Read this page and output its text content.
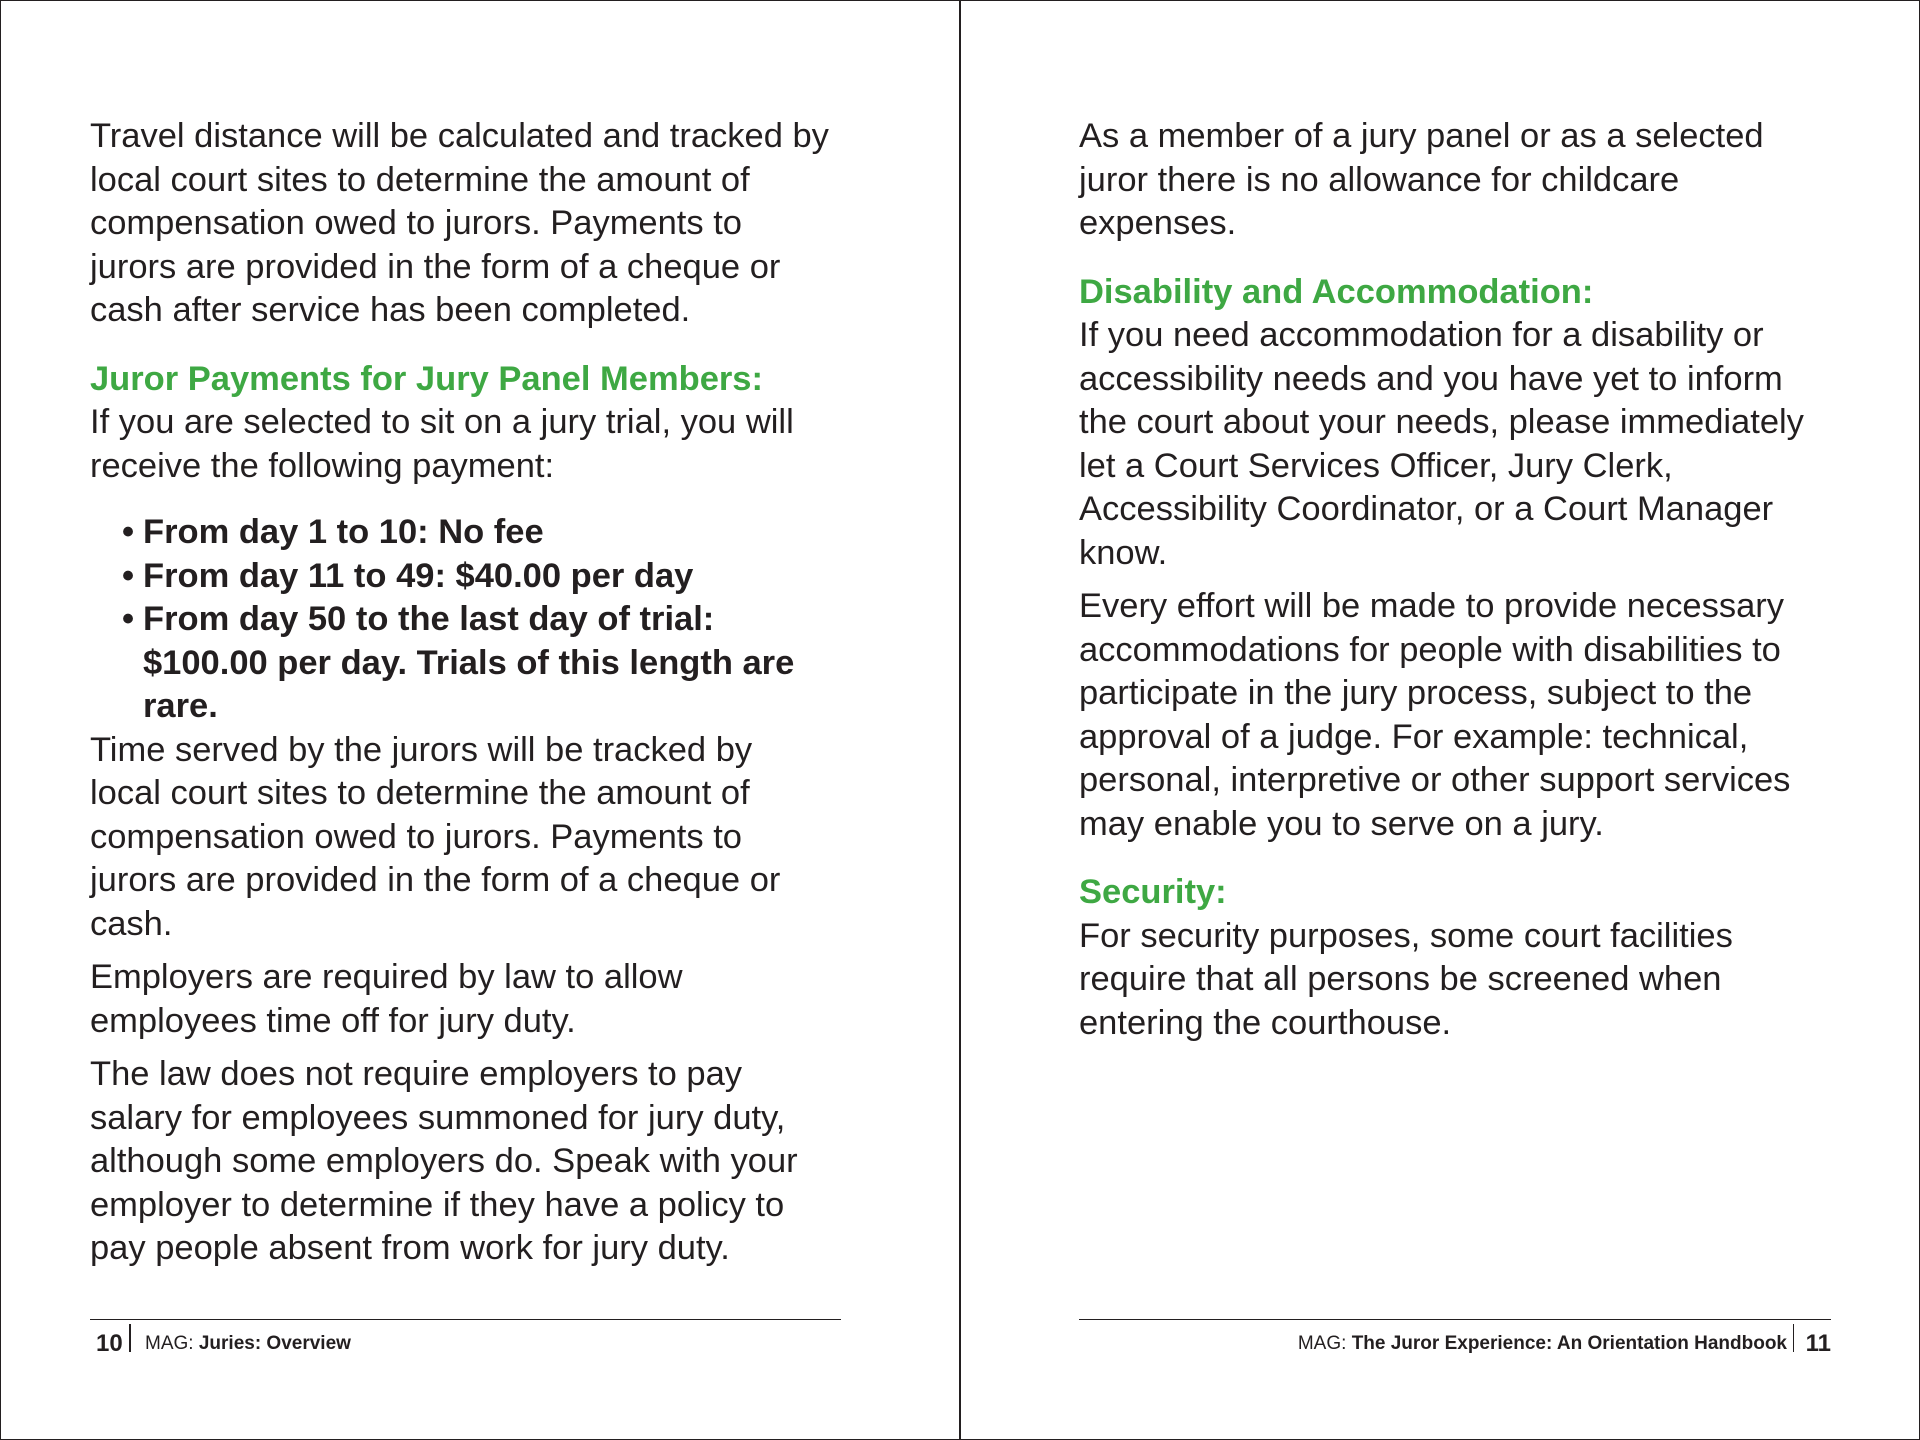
Travel distance will be calculated and tracked by local court sites to determine the amount of compensation owed to jurors. Payments to jurors are provided in the form of a cheque or cash after service has been completed.

Juror Payments for Jury Panel Members:

If you are selected to sit on a jury trial, you will receive the following payment:

• From day 1 to 10: No fee
• From day 11 to 49: $40.00 per day
• From day 50 to the last day of trial: $100.00 per day. Trials of this length are rare.

Time served by the jurors will be tracked by local court sites to determine the amount of compensation owed to jurors. Payments to jurors are provided in the form of a cheque or cash.

Employers are required by law to allow employees time off for jury duty.

The law does not require employers to pay salary for employees summoned for jury duty, although some employers do. Speak with your employer to determine if they have a policy to pay people absent from work for jury duty.

10 MAG: Juries: Overview

As a member of a jury panel or as a selected juror there is no allowance for childcare expenses.

Disability and Accommodation:

If you need accommodation for a disability or accessibility needs and you have yet to inform the court about your needs, please immediately let a Court Services Officer, Jury Clerk, Accessibility Coordinator, or a Court Manager know.

Every effort will be made to provide necessary accommodations for people with disabilities to participate in the jury process, subject to the approval of a judge. For example: technical, personal, interpretive or other support services may enable you to serve on a jury.

Security:

For security purposes, some court facilities require that all persons be screened when entering the courthouse.

MAG: The Juror Experience: An Orientation Handbook 11
